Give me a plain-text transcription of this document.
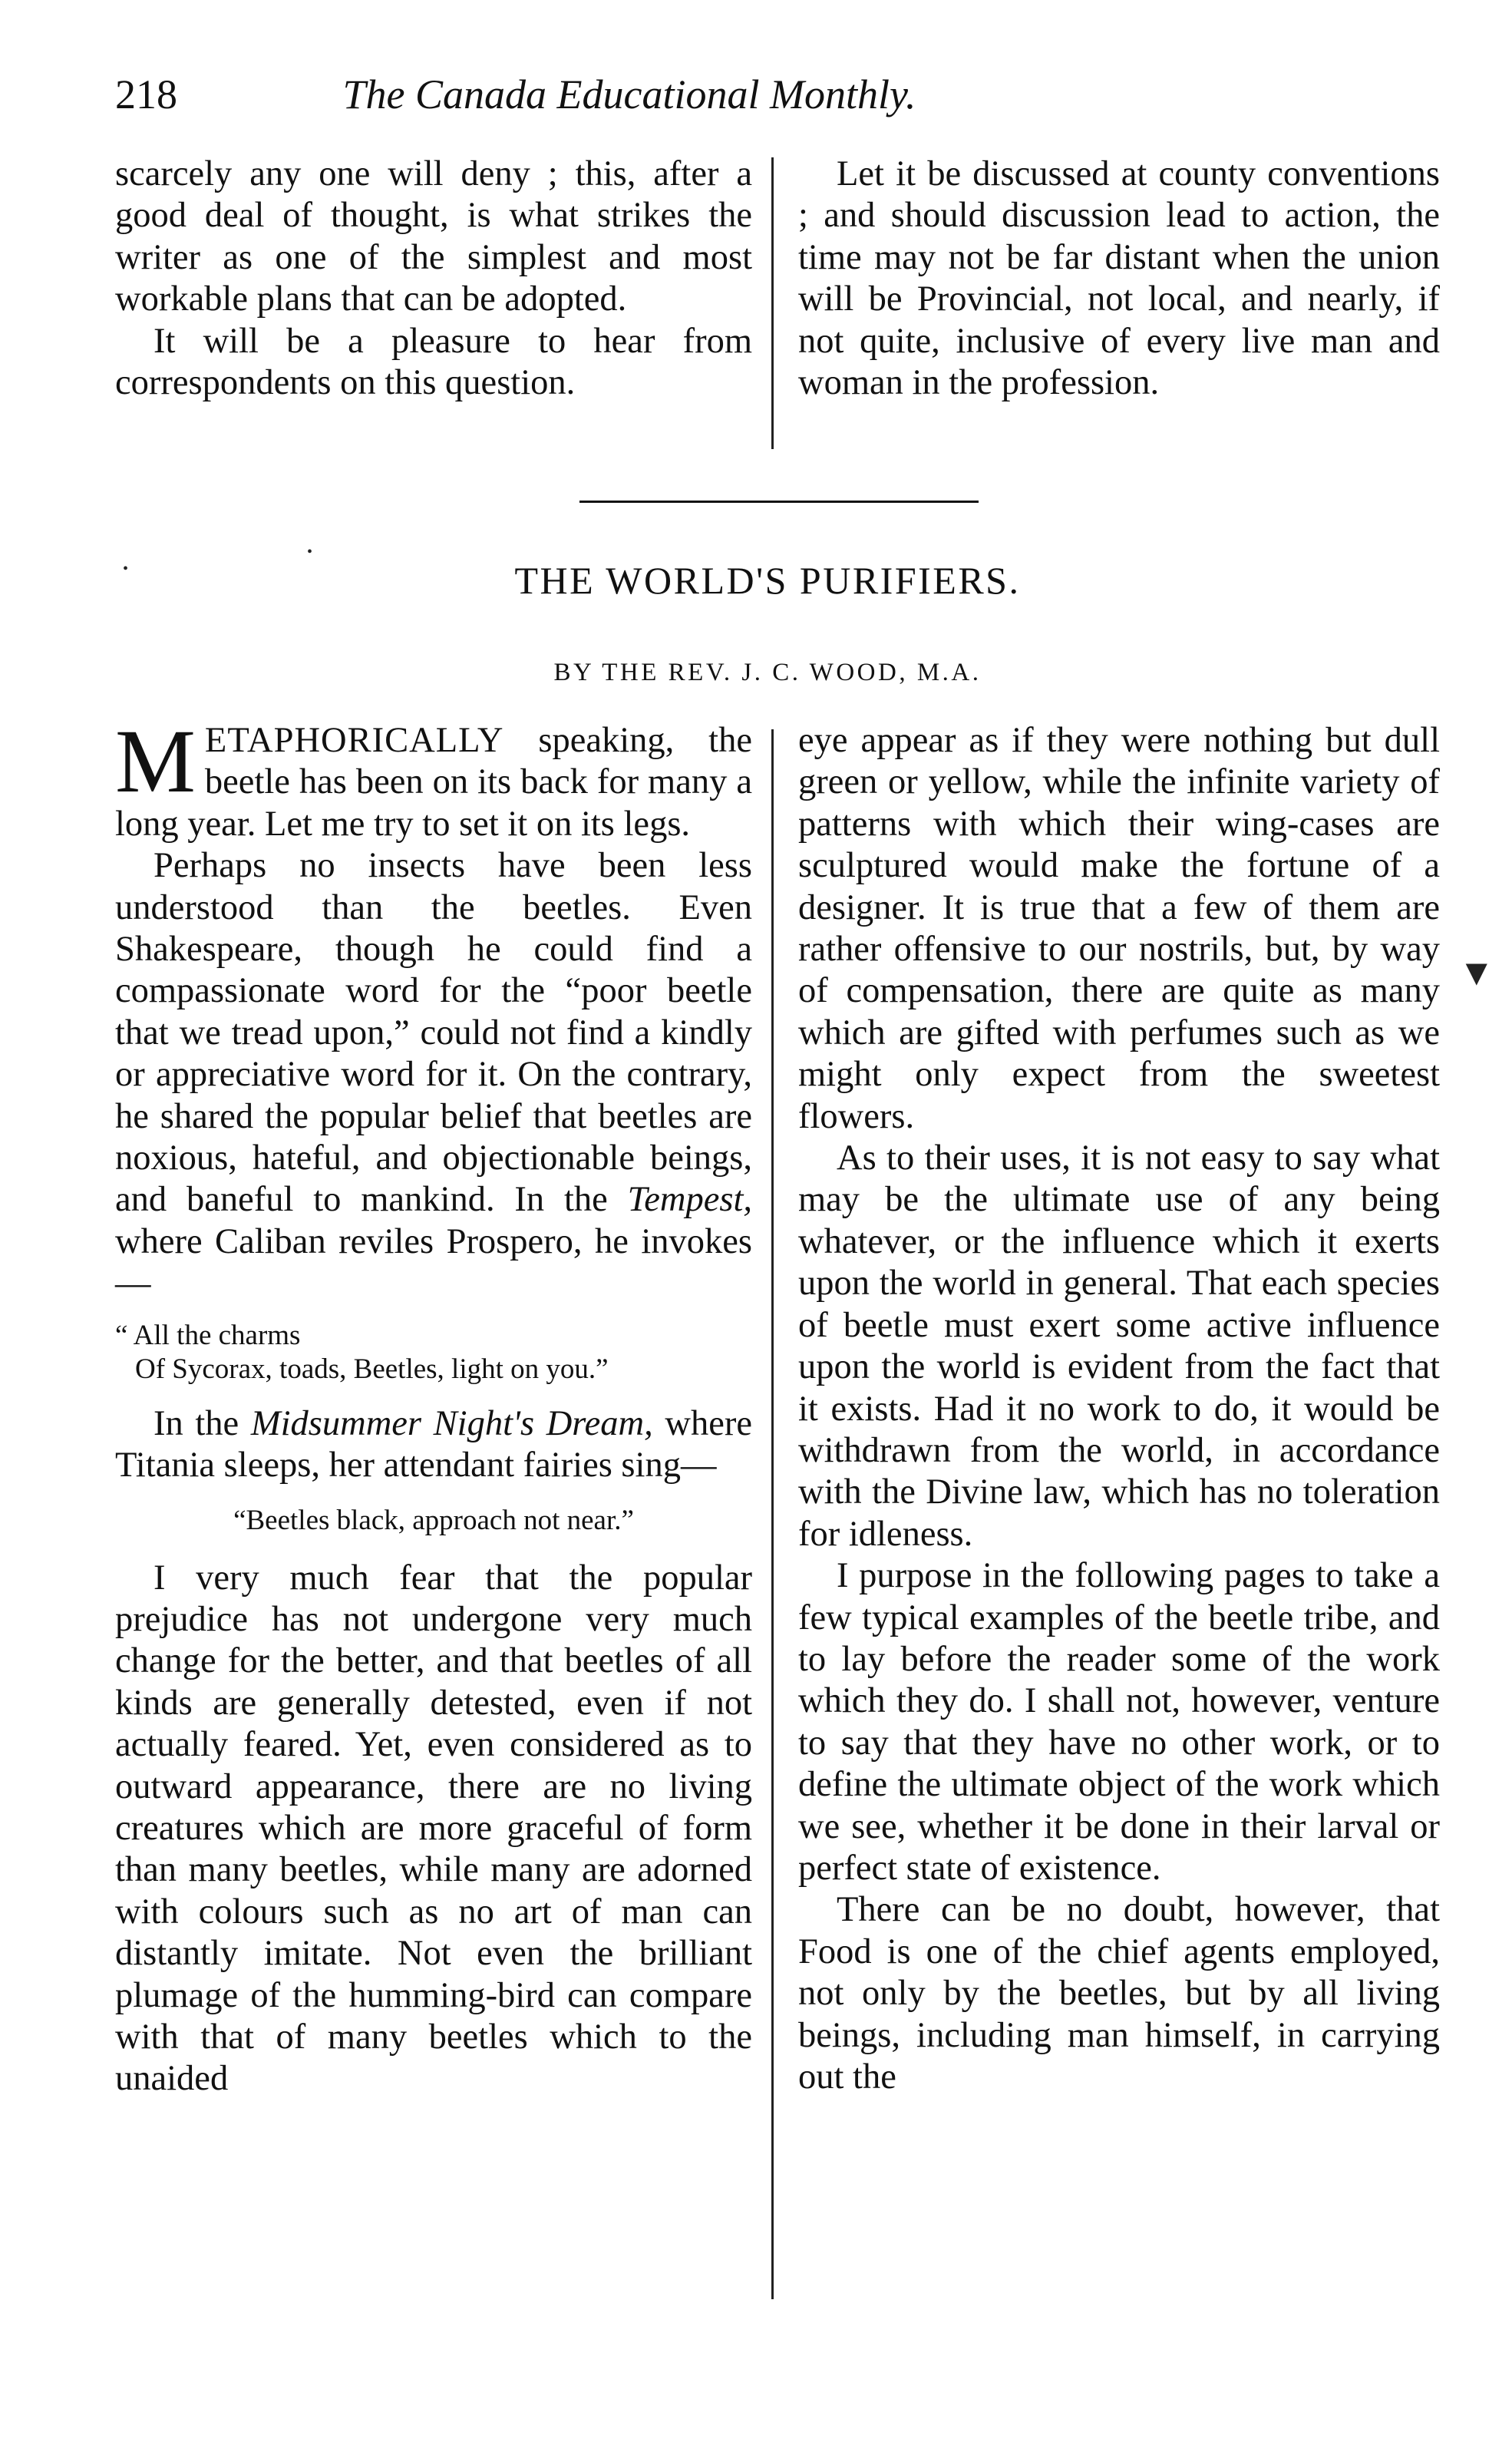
218	The Canada Educational Monthly.

scarcely any one will deny ; this, after a good deal of thought, is what strikes the writer as one of the simplest and most workable plans that can be adopted.

It will be a pleasure to hear from correspondents on this question.

Let it be discussed at county conventions ; and should discussion lead to action, the time may not be far distant when the union will be Provincial, not local, and nearly, if not quite, inclusive of every live man and woman in the profession.

THE WORLD'S PURIFIERS.
BY THE REV. J. C. WOOD, M.A.

METAPHORICALLY speaking, the beetle has been on its back for many a long year. Let me try to set it on its legs.

Perhaps no insects have been less understood than the beetles. Even Shakespeare, though he could find a compassionate word for the “poor beetle that we tread upon,” could not find a kindly or appreciative word for it. On the contrary, he shared the popular belief that beetles are noxious, hateful, and objectionable beings, and baneful to mankind. In the Tempest, where Caliban reviles Prospero, he invokes—

“ All the charms
Of Sycorax, toads, Beetles, light on you.”

In the Midsummer Night's Dream, where Titania sleeps, her attendant fairies sing—

“Beetles black, approach not near.”

I very much fear that the popular prejudice has not undergone very much change for the better, and that beetles of all kinds are generally detested, even if not actually feared. Yet, even considered as to outward appearance, there are no living creatures which are more graceful of form than many beetles, while many are adorned with colours such as no art of man can distantly imitate. Not even the brilliant plumage of the humming-bird can compare with that of many beetles which to the unaided

eye appear as if they were nothing but dull green or yellow, while the infinite variety of patterns with which their wing-cases are sculptured would make the fortune of a designer. It is true that a few of them are rather offensive to our nostrils, but, by way of compensation, there are quite as many which are gifted with perfumes such as we might only expect from the sweetest flowers.

As to their uses, it is not easy to say what may be the ultimate use of any being whatever, or the influence which it exerts upon the world in general. That each species of beetle must exert some active influence upon the world is evident from the fact that it exists. Had it no work to do, it would be withdrawn from the world, in accordance with the Divine law, which has no toleration for idleness.

I purpose in the following pages to take a few typical examples of the beetle tribe, and to lay before the reader some of the work which they do. I shall not, however, venture to say that they have no other work, or to define the ultimate object of the work which we see, whether it be done in their larval or perfect state of existence.

There can be no doubt, however, that Food is one of the chief agents employed, not only by the beetles, but by all living beings, including man himself, in carrying out the

▼
•
•
